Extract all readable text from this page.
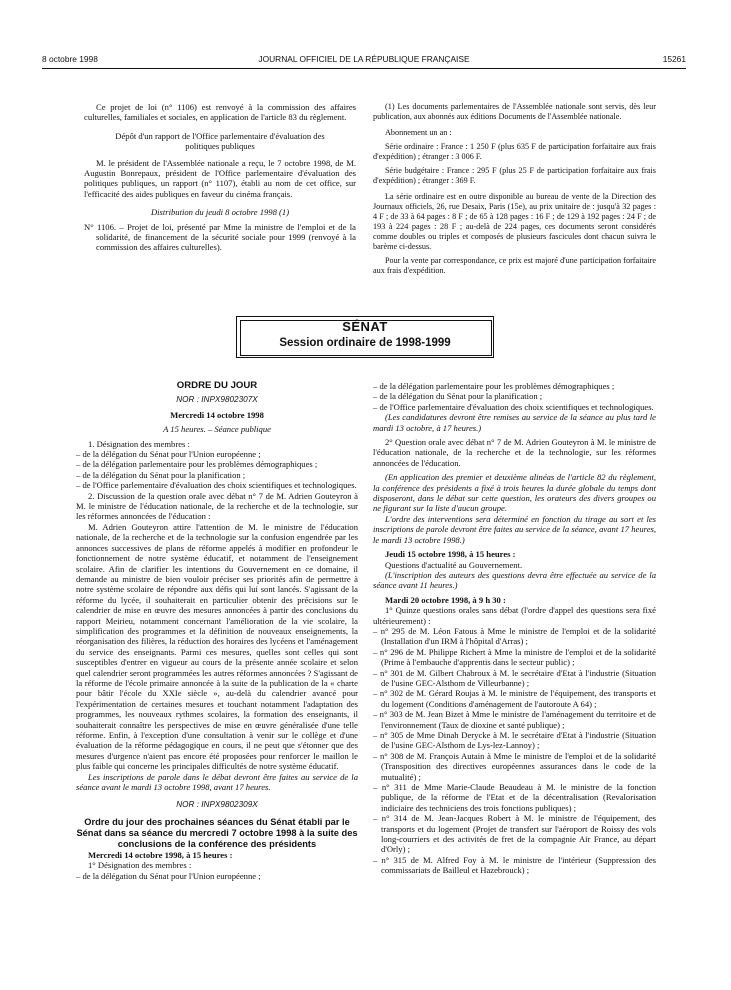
8 octobre 1998	JOURNAL OFFICIEL DE LA RÉPUBLIQUE FRANÇAISE	15261

Ce projet de loi (n° 1106) est renvoyé à la commission des affaires culturelles, familiales et sociales, en application de l'article 83 du règlement.

Dépôt d'un rapport de l'Office parlementaire d'évaluation des politiques publiques

M. le président de l'Assemblée nationale a reçu, le 7 octobre 1998, de M. Augustin Bonrepaux, président de l'Office parlementaire d'évaluation des politiques publiques, un rapport (n° 1107), établi au nom de cet office, sur l'efficacité des aides publiques en faveur du cinéma français.

Distribution du jeudi 8 octobre 1998 (1)

N° 1106. – Projet de loi, présenté par Mme la ministre de l'emploi et de la solidarité, de financement de la sécurité sociale pour 1999 (renvoyé à la commission des affaires culturelles).

(1) Les documents parlementaires de l'Assemblée nationale sont servis, dès leur publication, aux abonnés aux éditions Documents de l'Assemblée nationale.

Abonnement un an :

Série ordinaire : France : 1 250 F (plus 635 F de participation forfaitaire aux frais d'expédition) ; étranger : 3 006 F.

Série budgétaire : France : 295 F (plus 25 F de participation forfaitaire aux frais d'expédition) ; étranger : 369 F.

La série ordinaire est en outre disponible au bureau de vente de la Direction des Journaux officiels, 26, rue Desaix, Paris (15e), au prix unitaire de : jusqu'à 32 pages : 4 F ; de 33 à 64 pages : 8 F ; de 65 à 128 pages : 16 F ; de 129 à 192 pages : 24 F ; de 193 à 224 pages : 28 F ; au-delà de 224 pages, ces documents seront considérés comme doubles ou triples et composés de plusieurs fascicules dont chacun suivra le barème ci-dessus.

Pour la vente par correspondance, ce prix est majoré d'une participation forfaitaire aux frais d'expédition.

SÉNAT
Session ordinaire de 1998-1999

ORDRE DU JOUR

NOR : INPX9802307X

Mercredi 14 octobre 1998

A 15 heures. – Séance publique

1. Désignation des membres :

– de la délégation du Sénat pour l'Union européenne ;

– de la délégation parlementaire pour les problèmes démographiques ;

– de la délégation du Sénat pour la planification ;

– de l'Office parlementaire d'évaluation des choix scientifiques et technologiques.

2. Discussion de la question orale avec débat n° 7 de M. Adrien Gouteyron à M. le ministre de l'éducation nationale, de la recherche et de la technologie, sur les réformes annoncées de l'éducation :

M. Adrien Gouteyron attire l'attention de M. le ministre de l'éducation nationale, de la recherche et de la technologie sur la confusion engendrée par les annonces successives de plans de réforme appelés à modifier en profondeur le fonctionnement de notre système éducatif, et notamment de l'enseignement scolaire. Afin de clarifier les intentions du Gouvernement en ce domaine, il demande au ministre de bien vouloir préciser ses priorités afin de permettre à notre système scolaire de répondre aux défis qui lui sont lancés. S'agissant de la réforme du lycée, il souhaiterait en particulier obtenir des précisions sur le calendrier de mise en œuvre des mesures annoncées à partir des conclusions du rapport Meirieu, notamment concernant l'amélioration de la vie scolaire, la simplification des programmes et la définition de nouveaux enseignements, la réorganisation des filières, la réduction des horaires des lycéens et l'aménagement du service des enseignants. Parmi ces mesures, quelles sont celles qui sont susceptibles d'entrer en vigueur au cours de la présente année scolaire et selon quel calendrier seront programmées les autres réformes annoncées ? S'agissant de la réforme de l'école primaire annoncée à la suite de la publication de la « charte pour bâtir l'école du XXIe siècle », au-delà du calendrier avancé pour l'expérimentation de certaines mesures et touchant notamment l'adaptation des programmes, les nouveaux rythmes scolaires, la formation des enseignants, il souhaiterait connaître les perspectives de mise en œuvre généralisée d'une telle réforme. Enfin, à l'exception d'une consultation à venir sur le collège et d'une évaluation de la réforme pédagogique en cours, il ne peut que s'étonner que des mesures d'urgence n'aient pas encore été proposées pour renforcer le maillon le plus faible qui concerne les principales difficultés de notre système éducatif.

Les inscriptions de parole dans le débat devront être faites au service de la séance avant le mardi 13 octobre 1998, avant 17 heures.

NOR : INPX9802309X

Ordre du jour des prochaines séances du Sénat établi par le Sénat dans sa séance du mercredi 7 octobre 1998 à la suite des conclusions de la conférence des présidents

Mercredi 14 octobre 1998, à 15 heures :

1° Désignation des membres :

– de la délégation du Sénat pour l'Union européenne ;

– de la délégation parlementaire pour les problèmes démographiques ;

– de la délégation du Sénat pour la planification ;

– de l'Office parlementaire d'évaluation des choix scientifiques et technologiques.

(Les candidatures devront être remises au service de la séance au plus tard le mardi 13 octobre, à 17 heures.)

2° Question orale avec débat n° 7 de M. Adrien Gouteyron à M. le ministre de l'éducation nationale, de la recherche et de la technologie, sur les réformes annoncées de l'éducation.

(En application des premier et deuxième alinéas de l'article 82 du règlement, la conférence des présidents a fixé à trois heures la durée globale du temps dont disposeront, dans le débat sur cette question, les orateurs des divers groupes ou ne figurant sur la liste d'aucun groupe.

L'ordre des interventions sera déterminé en fonction du tirage au sort et les inscriptions de parole devront être faites au service de la séance, avant 17 heures, le mardi 13 octobre 1998.)

Jeudi 15 octobre 1998, à 15 heures :

Questions d'actualité au Gouvernement.

(L'inscription des auteurs des questions devra être effectuée au service de la séance avant 11 heures.)

Mardi 20 octobre 1998, à 9 h 30 :

1° Quinze questions orales sans débat (l'ordre d'appel des questions sera fixé ultérieurement) :

– n° 295 de M. Léon Fatous à Mme le ministre de l'emploi et de la solidarité (Installation d'un IRM à l'hôpital d'Arras) ;

– n° 296 de M. Philippe Richert à Mme la ministre de l'emploi et de la solidarité (Prime à l'embauche d'apprentis dans le secteur public) ;

– n° 301 de M. Gilbert Chabroux à M. le secrétaire d'Etat à l'industrie (Situation de l'usine GEC-Alsthom de Villeurbanne) ;

– n° 302 de M. Gérard Roujas à M. le ministre de l'équipement, des transports et du logement (Conditions d'aménagement de l'autoroute A 64) ;

– n° 303 de M. Jean Bizet à Mme le ministre de l'aménagement du territoire et de l'environnement (Taux de dioxine et santé publique) ;

– n° 305 de Mme Dinah Derycke à M. le secrétaire d'Etat à l'industrie (Situation de l'usine GEC-Alsthom de Lys-lez-Lannoy) ;

– n° 308 de M. François Autain à Mme le ministre de l'emploi et de la solidarité (Transposition des directives européennes assurances dans le code de la mutualité) ;

– n° 311 de Mme Marie-Claude Beaudeau à M. le ministre de la fonction publique, de la réforme de l'Etat et de la décentralisation (Revalorisation indiciaire des techniciens des trois fonctions publiques) ;

– n° 314 de M. Jean-Jacques Robert à M. le ministre de l'équipement, des transports et du logement (Projet de transfert sur l'aéroport de Roissy des vols long-courriers et des activités de fret de la compagnie Air France, au départ d'Orly) ;

– n° 315 de M. Alfred Foy à M. le ministre de l'intérieur (Suppression des commissariats de Bailleul et Hazebrouck) ;
